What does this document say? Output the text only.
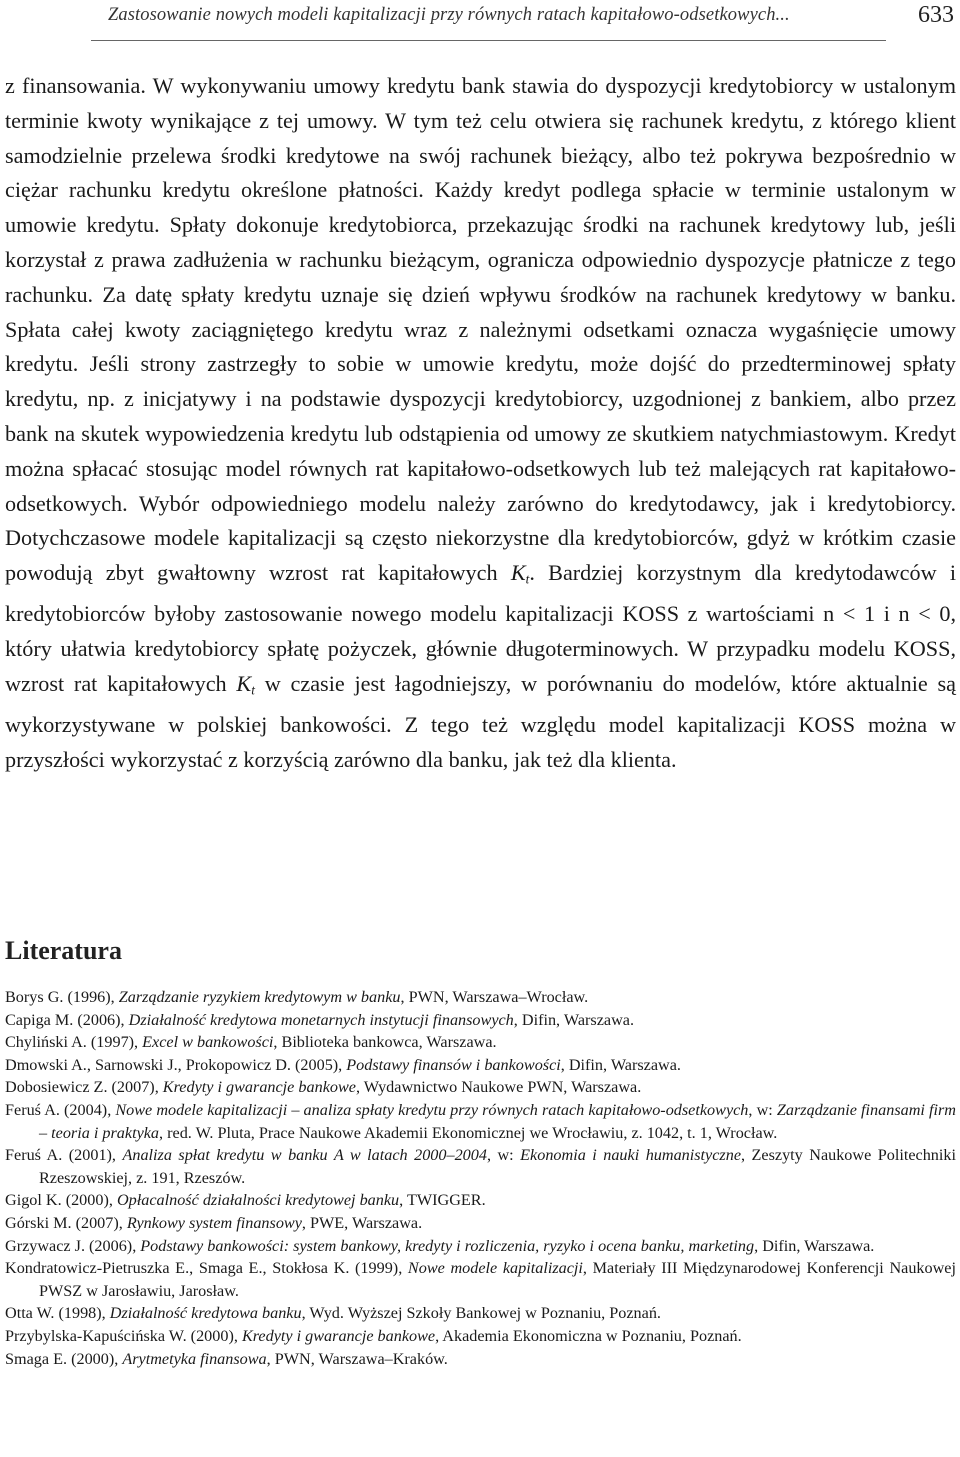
Zastosowanie nowych modeli kapitalizacji przy równych ratach kapitałowo-odsetkowych...	633

z finansowania. W wykonywaniu umowy kredytu bank stawia do dyspozycji kredytobiorcy w ustalonym terminie kwoty wynikające z tej umowy. W tym też celu otwiera się rachunek kredytu, z którego klient samodzielnie przelewa środki kredytowe na swój rachunek bieżący, albo też pokrywa bezpośrednio w ciężar rachunku kredytu określone płatności. Każdy kredyt podlega spłacie w terminie ustalonym w umowie kredytu. Spłaty dokonuje kredytobiorca, przekazując środki na rachunek kredytowy lub, jeśli korzystał z prawa zadłużenia w rachunku bieżącym, ogranicza odpowiednio dyspozycje płatnicze z tego rachunku. Za datę spłaty kredytu uznaje się dzień wpływu środków na rachunek kredytowy w banku. Spłata całej kwoty zaciągniętego kredytu wraz z należnymi odsetkami oznacza wygaśnięcie umowy kredytu. Jeśli strony zastrzegły to sobie w umowie kredytu, może dojść do przedterminowej spłaty kredytu, np. z inicjatywy i na podstawie dyspozycji kredytobiorcy, uzgodnionej z bankiem, albo przez bank na skutek wypowiedzenia kredytu lub odstąpienia od umowy ze skutkiem natychmiastowym. Kredyt można spłacać stosując model równych rat kapitałowo-odsetkowych lub też malejących rat kapitałowo-odsetkowych. Wybór odpowiedniego modelu należy zarówno do kredytodawcy, jak i kredytobiorcy. Dotychczasowe modele kapitalizacji są często niekorzystne dla kredytobiorców, gdyż w krótkim czasie powodują zbyt gwałtowny wzrost rat kapitałowych $K_t$. Bardziej korzystnym dla kredytodawców i kredytobiorców byłoby zastosowanie nowego modelu kapitalizacji KOSS z wartościami n < 1 i n < 0, który ułatwia kredytobiorcy spłatę pożyczek, głównie długoterminowych. W przypadku modelu KOSS, wzrost rat kapitałowych $K_t$ w czasie jest łagodniejszy, w porównaniu do modelów, które aktualnie są wykorzystywane w polskiej bankowości. Z tego też względu model kapitalizacji KOSS można w przyszłości wykorzystać z korzyścią zarówno dla banku, jak też dla klienta.

Literatura
Borys G. (1996), Zarządzanie ryzykiem kredytowym w banku, PWN, Warszawa–Wrocław.
Capiga M. (2006), Działalność kredytowa monetarnych instytucji finansowych, Difin, Warszawa.
Chyliński A. (1997), Excel w bankowości, Biblioteka bankowca, Warszawa.
Dmowski A., Sarnowski J., Prokopowicz D. (2005), Podstawy finansów i bankowości, Difin, Warszawa.
Dobosiewicz Z. (2007), Kredyty i gwarancje bankowe, Wydawnictwo Naukowe PWN, Warszawa.
Feruś A. (2004), Nowe modele kapitalizacji – analiza spłaty kredytu przy równych ratach kapitałowo-odsetkowych, w: Zarządzanie finansami firm – teoria i praktyka, red. W. Pluta, Prace Naukowe Akademii Ekonomicznej we Wrocławiu, z. 1042, t. 1, Wrocław.
Feruś A. (2001), Analiza spłat kredytu w banku A w latach 2000–2004, w: Ekonomia i nauki humanistyczne, Zeszyty Naukowe Politechniki Rzeszowskiej, z. 191, Rzeszów.
Gigol K. (2000), Opłacalność działalności kredytowej banku, TWIGGER.
Górski M. (2007), Rynkowy system finansowy, PWE, Warszawa.
Grzywacz J. (2006), Podstawy bankowości: system bankowy, kredyty i rozliczenia, ryzyko i ocena banku, marketing, Difin, Warszawa.
Kondratowicz-Pietruszka E., Smaga E., Stokłosa K. (1999), Nowe modele kapitalizacji, Materiały III Międzynarodowej Konferencji Naukowej PWSZ w Jarosławiu, Jarosław.
Otta W. (1998), Działalność kredytowa banku, Wyd. Wyższej Szkoły Bankowej w Poznaniu, Poznań.
Przybylska-Kapuścińska W. (2000), Kredyty i gwarancje bankowe, Akademia Ekonomiczna w Poznaniu, Poznań.
Smaga E. (2000), Arytmetyka finansowa, PWN, Warszawa–Kraków.
